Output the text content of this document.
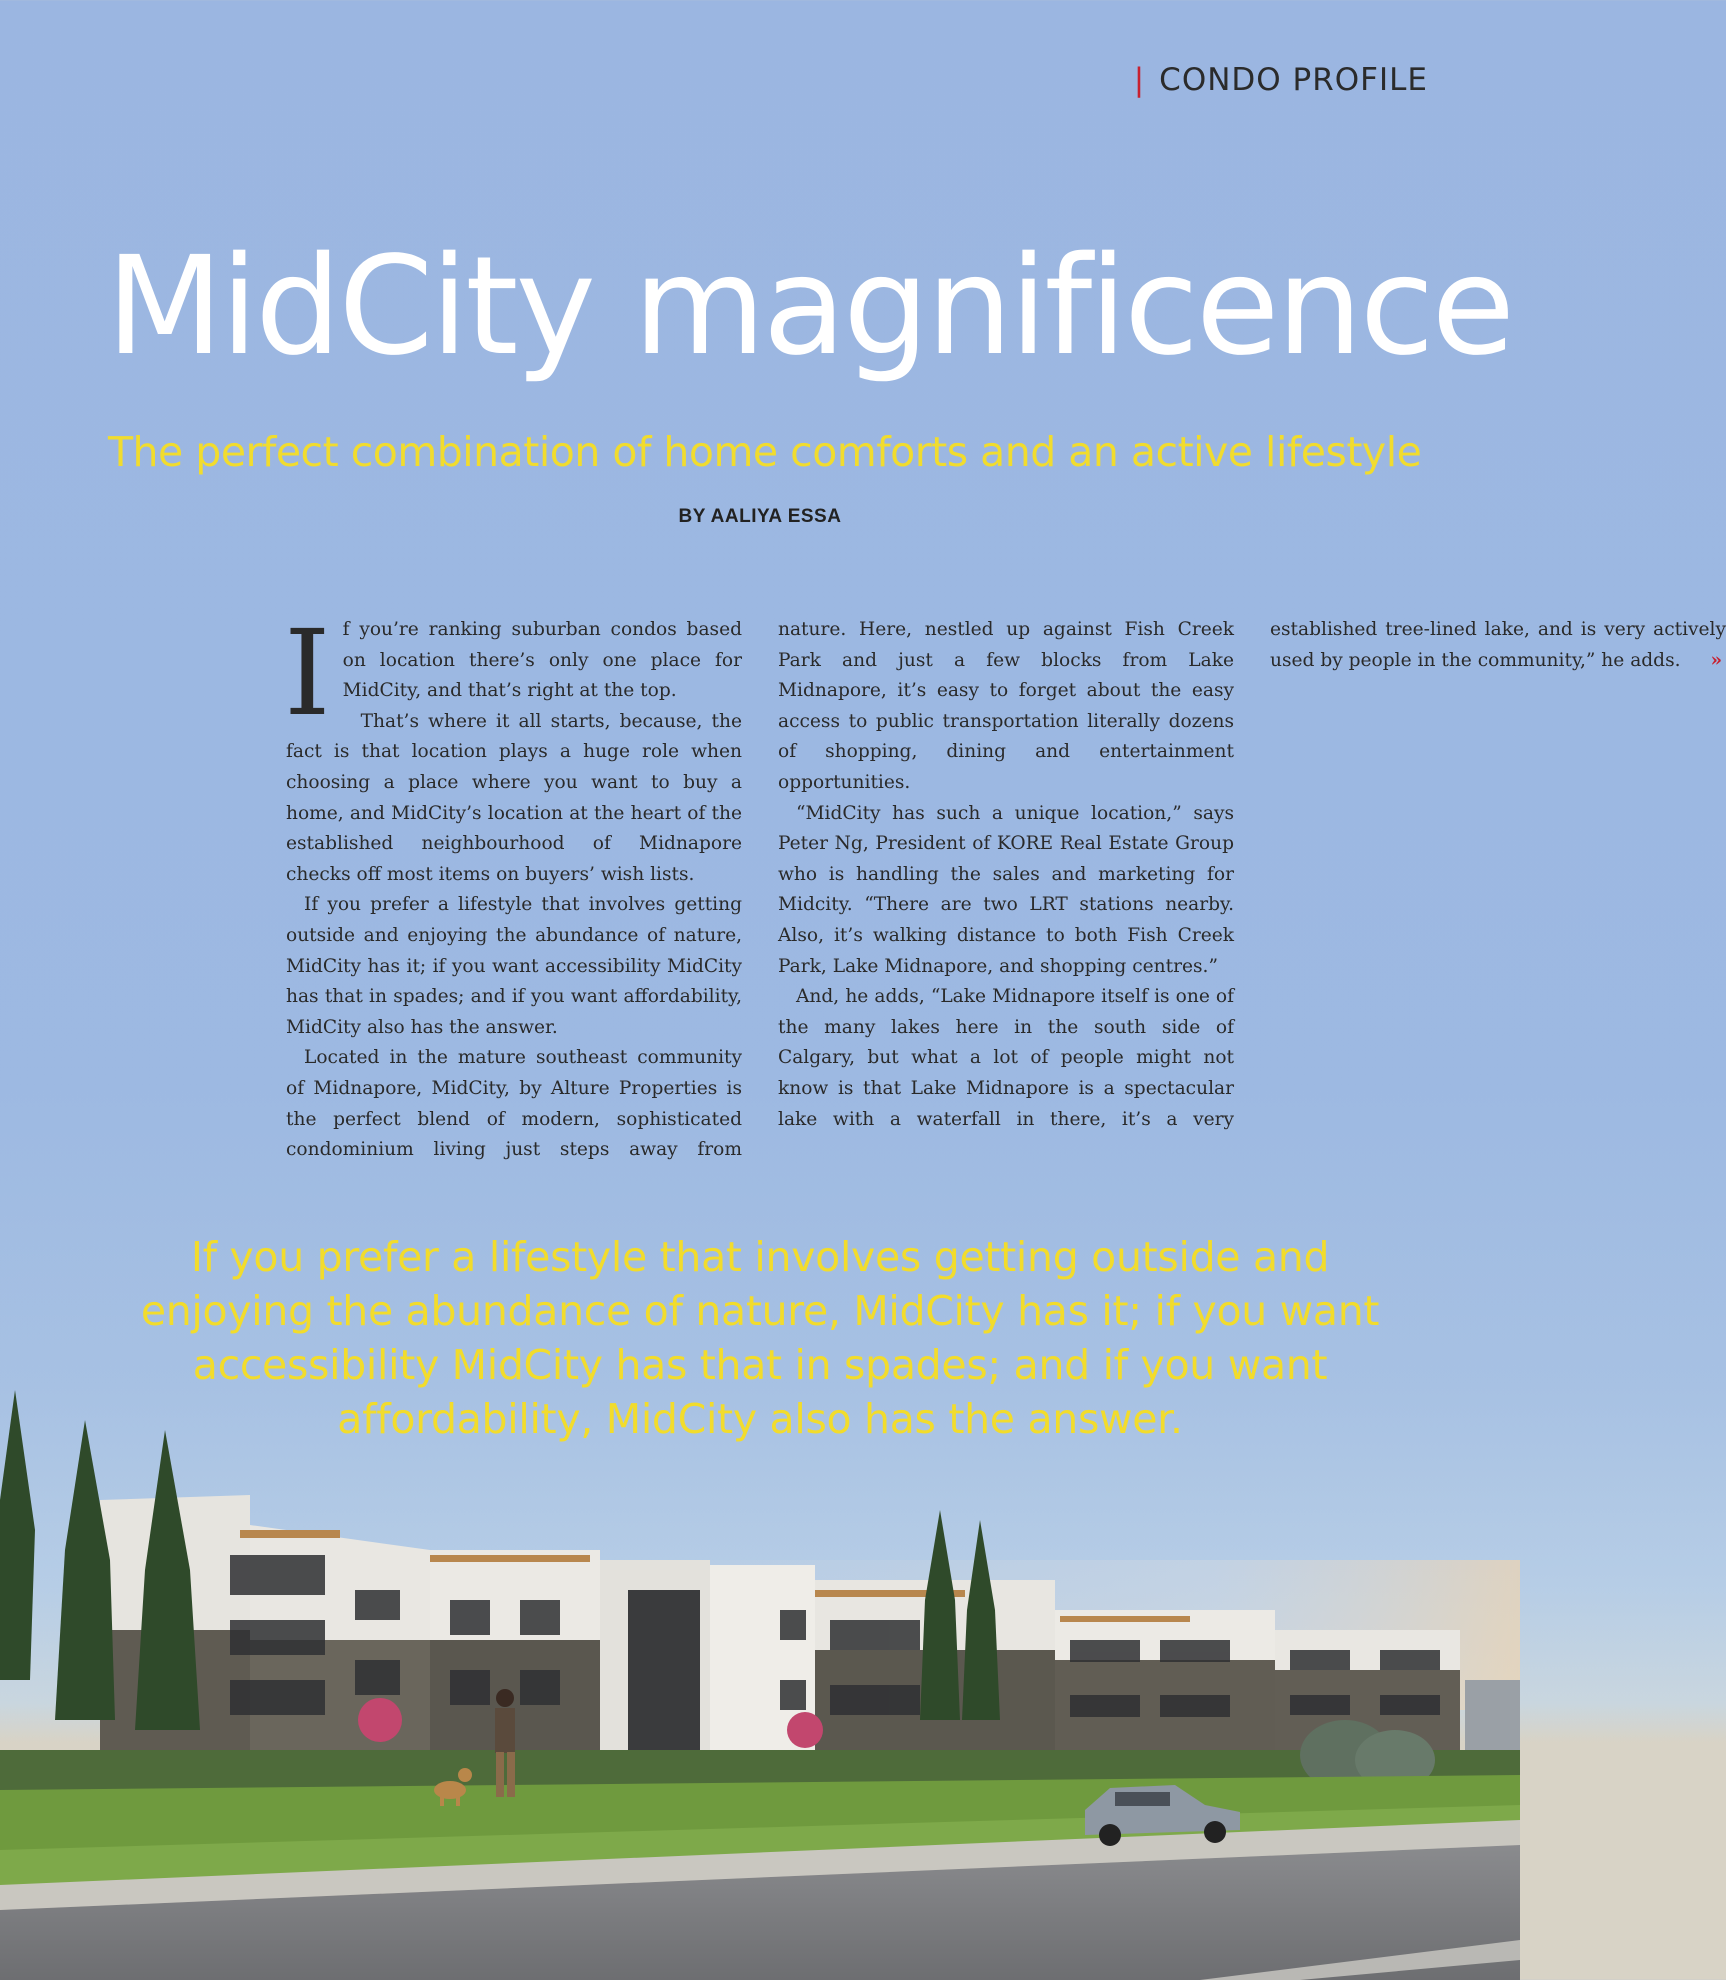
| CONDO PROFILE
MidCity magnificence
The perfect combination of home comforts and an active lifestyle
BY AALIYA ESSA

If you’re ranking suburban condos based on location there’s only one place for MidCity, and that’s right at the top.

That’s where it all starts, because, the fact is that location plays a huge role when choosing a place where you want to buy a home, and MidCity’s location at the heart of the established neighbourhood of Midnapore checks off most items on buyers’ wish lists.

If you prefer a lifestyle that involves getting outside and enjoying the abundance of nature, MidCity has it; if you want accessibility MidCity has that in spades; and if you want affordability, MidCity also has the answer.

Located in the mature southeast community of Midnapore, MidCity, by Alture Properties is the perfect blend of modern, sophisticated condominium living just steps away from nature. Here, nestled up against Fish Creek Park and just a few blocks from Lake Midnapore, it’s easy to forget about the easy access to public transportation literally dozens of shopping, dining and entertainment opportunities.

“MidCity has such a unique location,” says Peter Ng, President of KORE Real Estate Group who is handling the sales and marketing for Midcity. “There are two LRT stations nearby. Also, it’s walking distance to both Fish Creek Park, Lake Midnapore, and shopping centres.”

And, he adds, “Lake Midnapore itself is one of the many lakes here in the south side of Calgary, but what a lot of people might not know is that Lake Midnapore is a spectacular lake with a waterfall in there, it’s a very established tree-lined lake, and is very actively used by people in the community,” he adds. »

If you prefer a lifestyle that involves getting outside and enjoying the abundance of nature, MidCity has it; if you want accessibility MidCity has that in spades; and if you want affordability, MidCity also has the answer.
